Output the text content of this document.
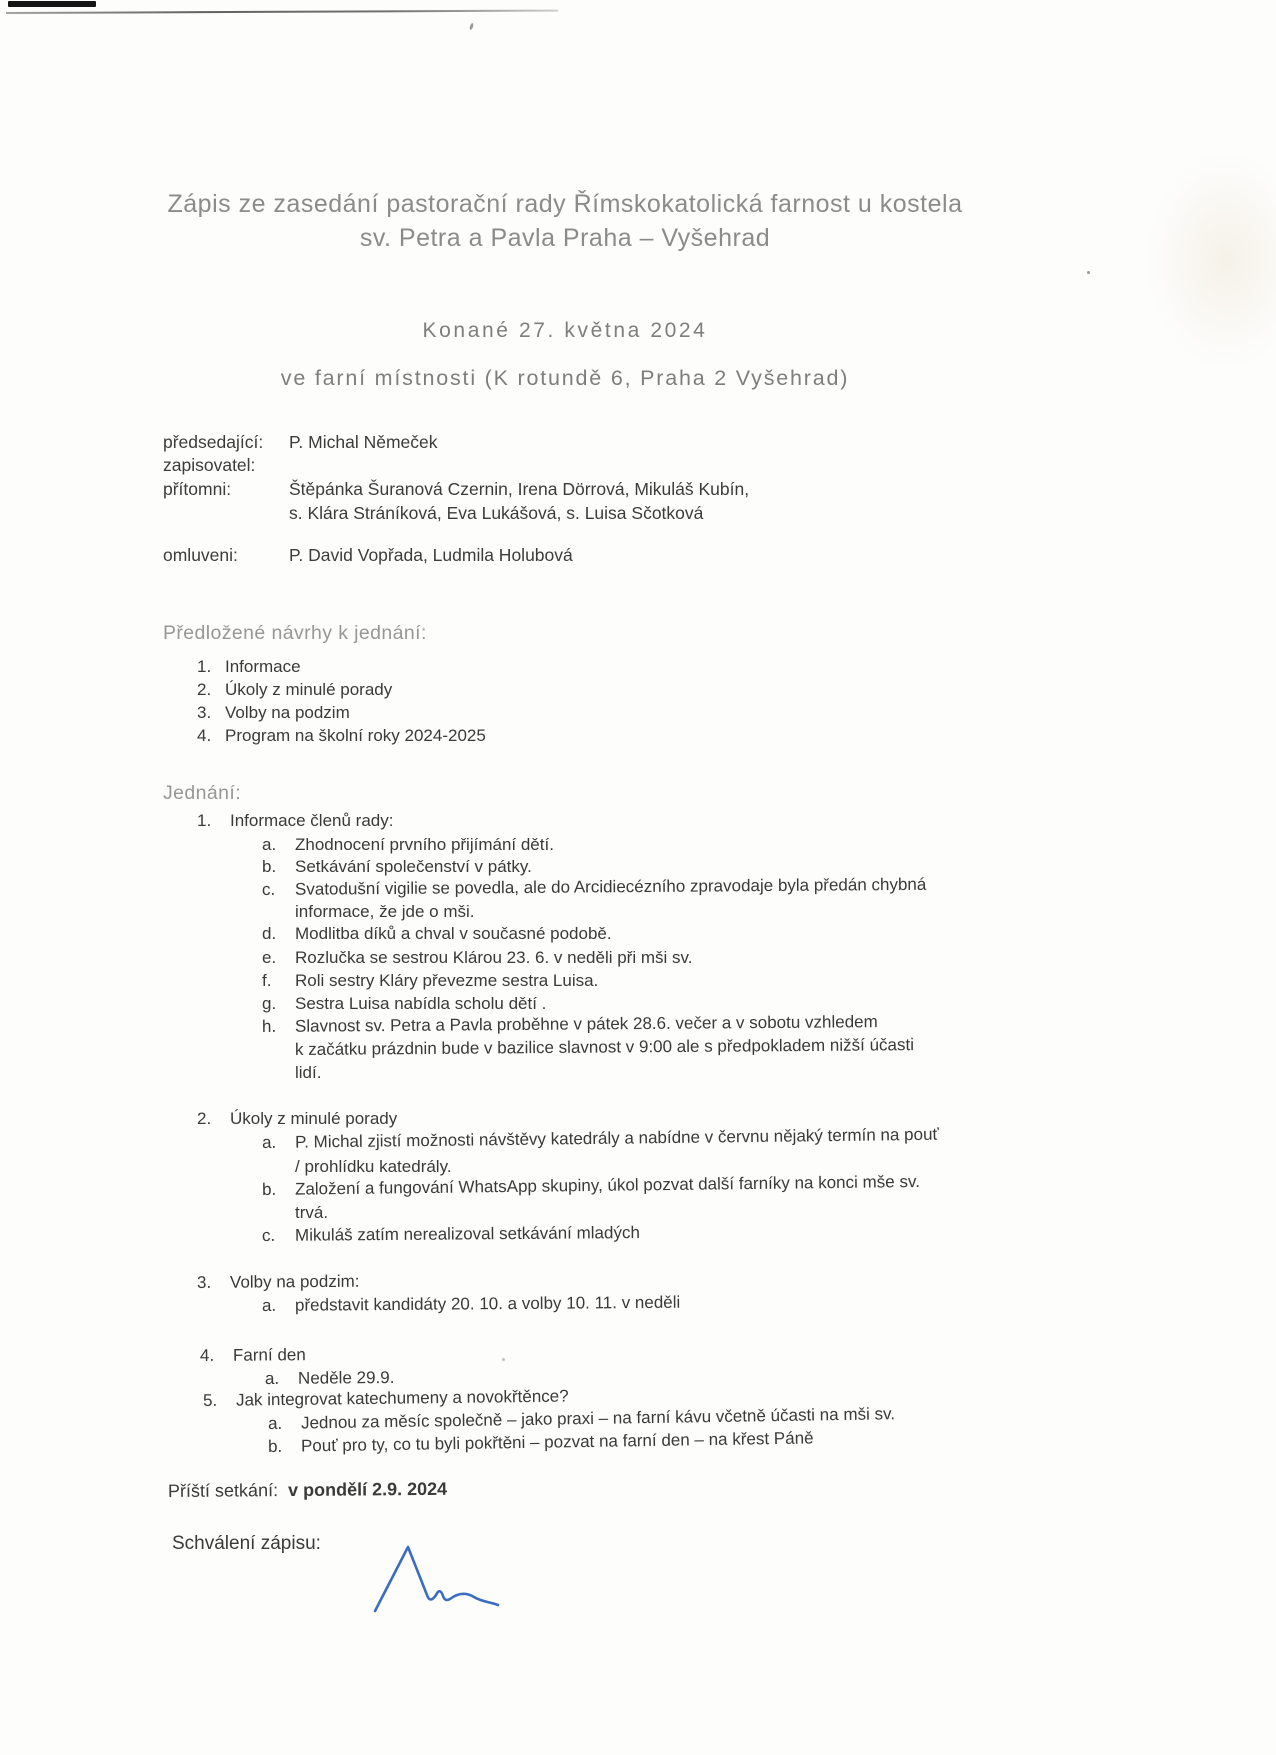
Zápis ze zasedání pastorační rady Římskokatolická farnost u kostela
sv. Petra a Pavla Praha – Vyšehrad
Konané 27. května 2024
ve farní místnosti (K rotundě 6, Praha 2 Vyšehrad)
předsedající: P. Michal Němeček
zapisovatel:
přítomni:	Štěpánka Šuranová Czernin, Irena Dörrová, Mikuláš Kubín,
s. Klára Stráníková, Eva Lukášová, s. Luisa Sčotková
omluveni:	P. David Vopřada, Ludmila Holubová
Předložené návrhy k jednání:
1. Informace
2. Úkoly z minulé porady
3. Volby na podzim
4. Program na školní roky 2024-2025
Jednání:
1. Informace členů rady:
a. Zhodnocení prvního přijímání dětí.
b. Setkávání společenství v pátky.
c. Svatodušní vigilie se povedla, ale do Arcidiecézního zpravodaje byla předán chybná
informace, že jde o mši.
d. Modlitba díků a chval v současné podobě.
e. Rozlučka se sestrou Klárou 23. 6. v neděli při mši sv.
f. Roli sestry Kláry převezme sestra Luisa.
g. Sestra Luisa nabídla scholu dětí .
h. Slavnost sv. Petra a Pavla proběhne v pátek 28.6. večer a v sobotu vzhledem
k začátku prázdnin bude v bazilice slavnost v 9:00 ale s předpokladem nižší účasti
lidí.
2. Úkoly z minulé porady
a. P. Michal zjistí možnosti návštěvy katedrály a nabídne v červnu nějaký termín na pouť
/ prohlídku katedrály.
b. Založení a fungování WhatsApp skupiny, úkol pozvat další farníky na konci mše sv.
trvá.
c. Mikuláš zatím nerealizoval setkávání mladých
3. Volby na podzim:
a. představit kandidáty 20. 10. a volby 10. 11. v neděli
4. Farní den
a. Neděle 29.9.
5. Jak integrovat katechumeny a novokřtěnce?
a. Jednou za měsíc společně – jako praxi – na farní kávu včetně účasti na mši sv.
b. Pouť pro ty, co tu byli pokřtěni – pozvat na farní den – na křest Páně
Příští setkání: v pondělí 2.9. 2024
Schválení zápisu:
